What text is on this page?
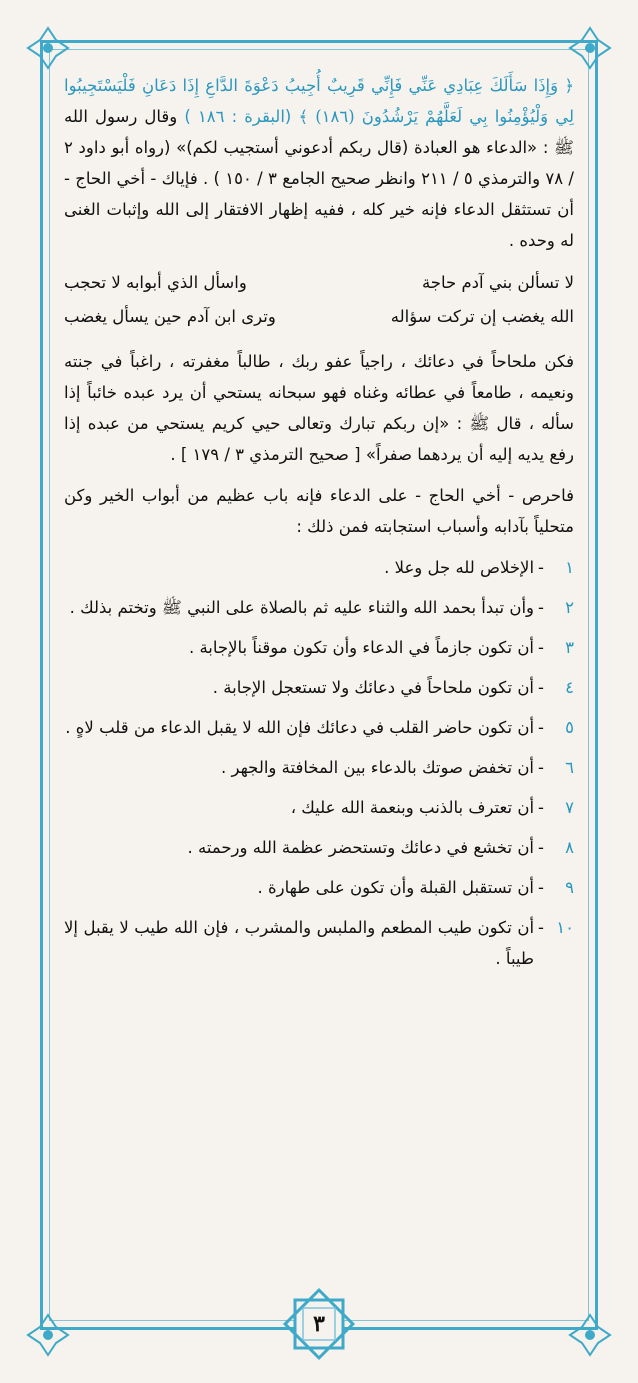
﴿ وَإِذَا سَأَلَكَ عِبَادِي عَنِّي فَإِنِّي قَرِيبٌ أُجِيبُ دَعْوَةَ الدَّاعِ إِذَا دَعَانِ فَلْيَسْتَجِيبُوا لِي وَلْيُؤْمِنُوا بِي لَعَلَّهُمْ يَرْشُدُونَ (١٨٦) ﴾ (البقرة : ١٨٦ ) وقال رسول الله ﷺ : «الدعاء هو العبادة (قال ربكم أدعوني أستجيب لكم)» (رواه أبو داود ٢ / ٧٨ والترمذي ٥ / ٢١١ وانظر صحيح الجامع ٣ / ١٥٠ ) . فإياك - أخي الحاج - أن تستثقل الدعاء فإنه خير كله ، ففيه إظهار الافتقار إلى الله وإثبات الغنى له وحده .

لا تسألن بني آدم حاجة
واسأل الذي أبوابه لا تحجب
الله يغضب إن تركت سؤاله
وترى ابن آدم حين يسأل يغضب

فكن ملحاحاً في دعائك ، راجياً عفو ربك ، طالباً مغفرته ، راغباً في جنته ونعيمه ، طامعاً في عطائه وغناه فهو سبحانه يستحي أن يرد عبده خائباً إذا سأله ، قال ﷺ : «إن ربكم تبارك وتعالى حيي كريم يستحي من عبده إذا رفع يديه إليه أن يردهما صفراً» [ صحيح الترمذي ٣ / ١٧٩ ] .

فاحرص - أخي الحاج - على الدعاء فإنه باب عظيم من أبواب الخير وكن متحلياً بآدابه وأسباب استجابته فمن ذلك :

١
-
الإخلاص لله جل وعلا .
٢
-
وأن تبدأ بحمد الله والثناء عليه ثم بالصلاة على النبي ﷺ وتختم بذلك .
٣
-
أن تكون جازماً في الدعاء وأن تكون موقناً بالإجابة .
٤
-
أن تكون ملحاحاً في دعائك ولا تستعجل الإجابة .
٥
-
أن تكون حاضر القلب في دعائك فإن الله لا يقبل الدعاء من قلب لاهٍ .
٦
-
أن تخفض صوتك بالدعاء بين المخافتة والجهر .
٧
-
أن تعترف بالذنب وبنعمة الله عليك ،
٨
-
أن تخشع في دعائك وتستحضر عظمة الله ورحمته .
٩
-
أن تستقبل القبلة وأن تكون على طهارة .
١٠
-
أن تكون طيب المطعم والملبس والمشرب ، فإن الله طيب لا يقبل إلا طيباً .
٣
